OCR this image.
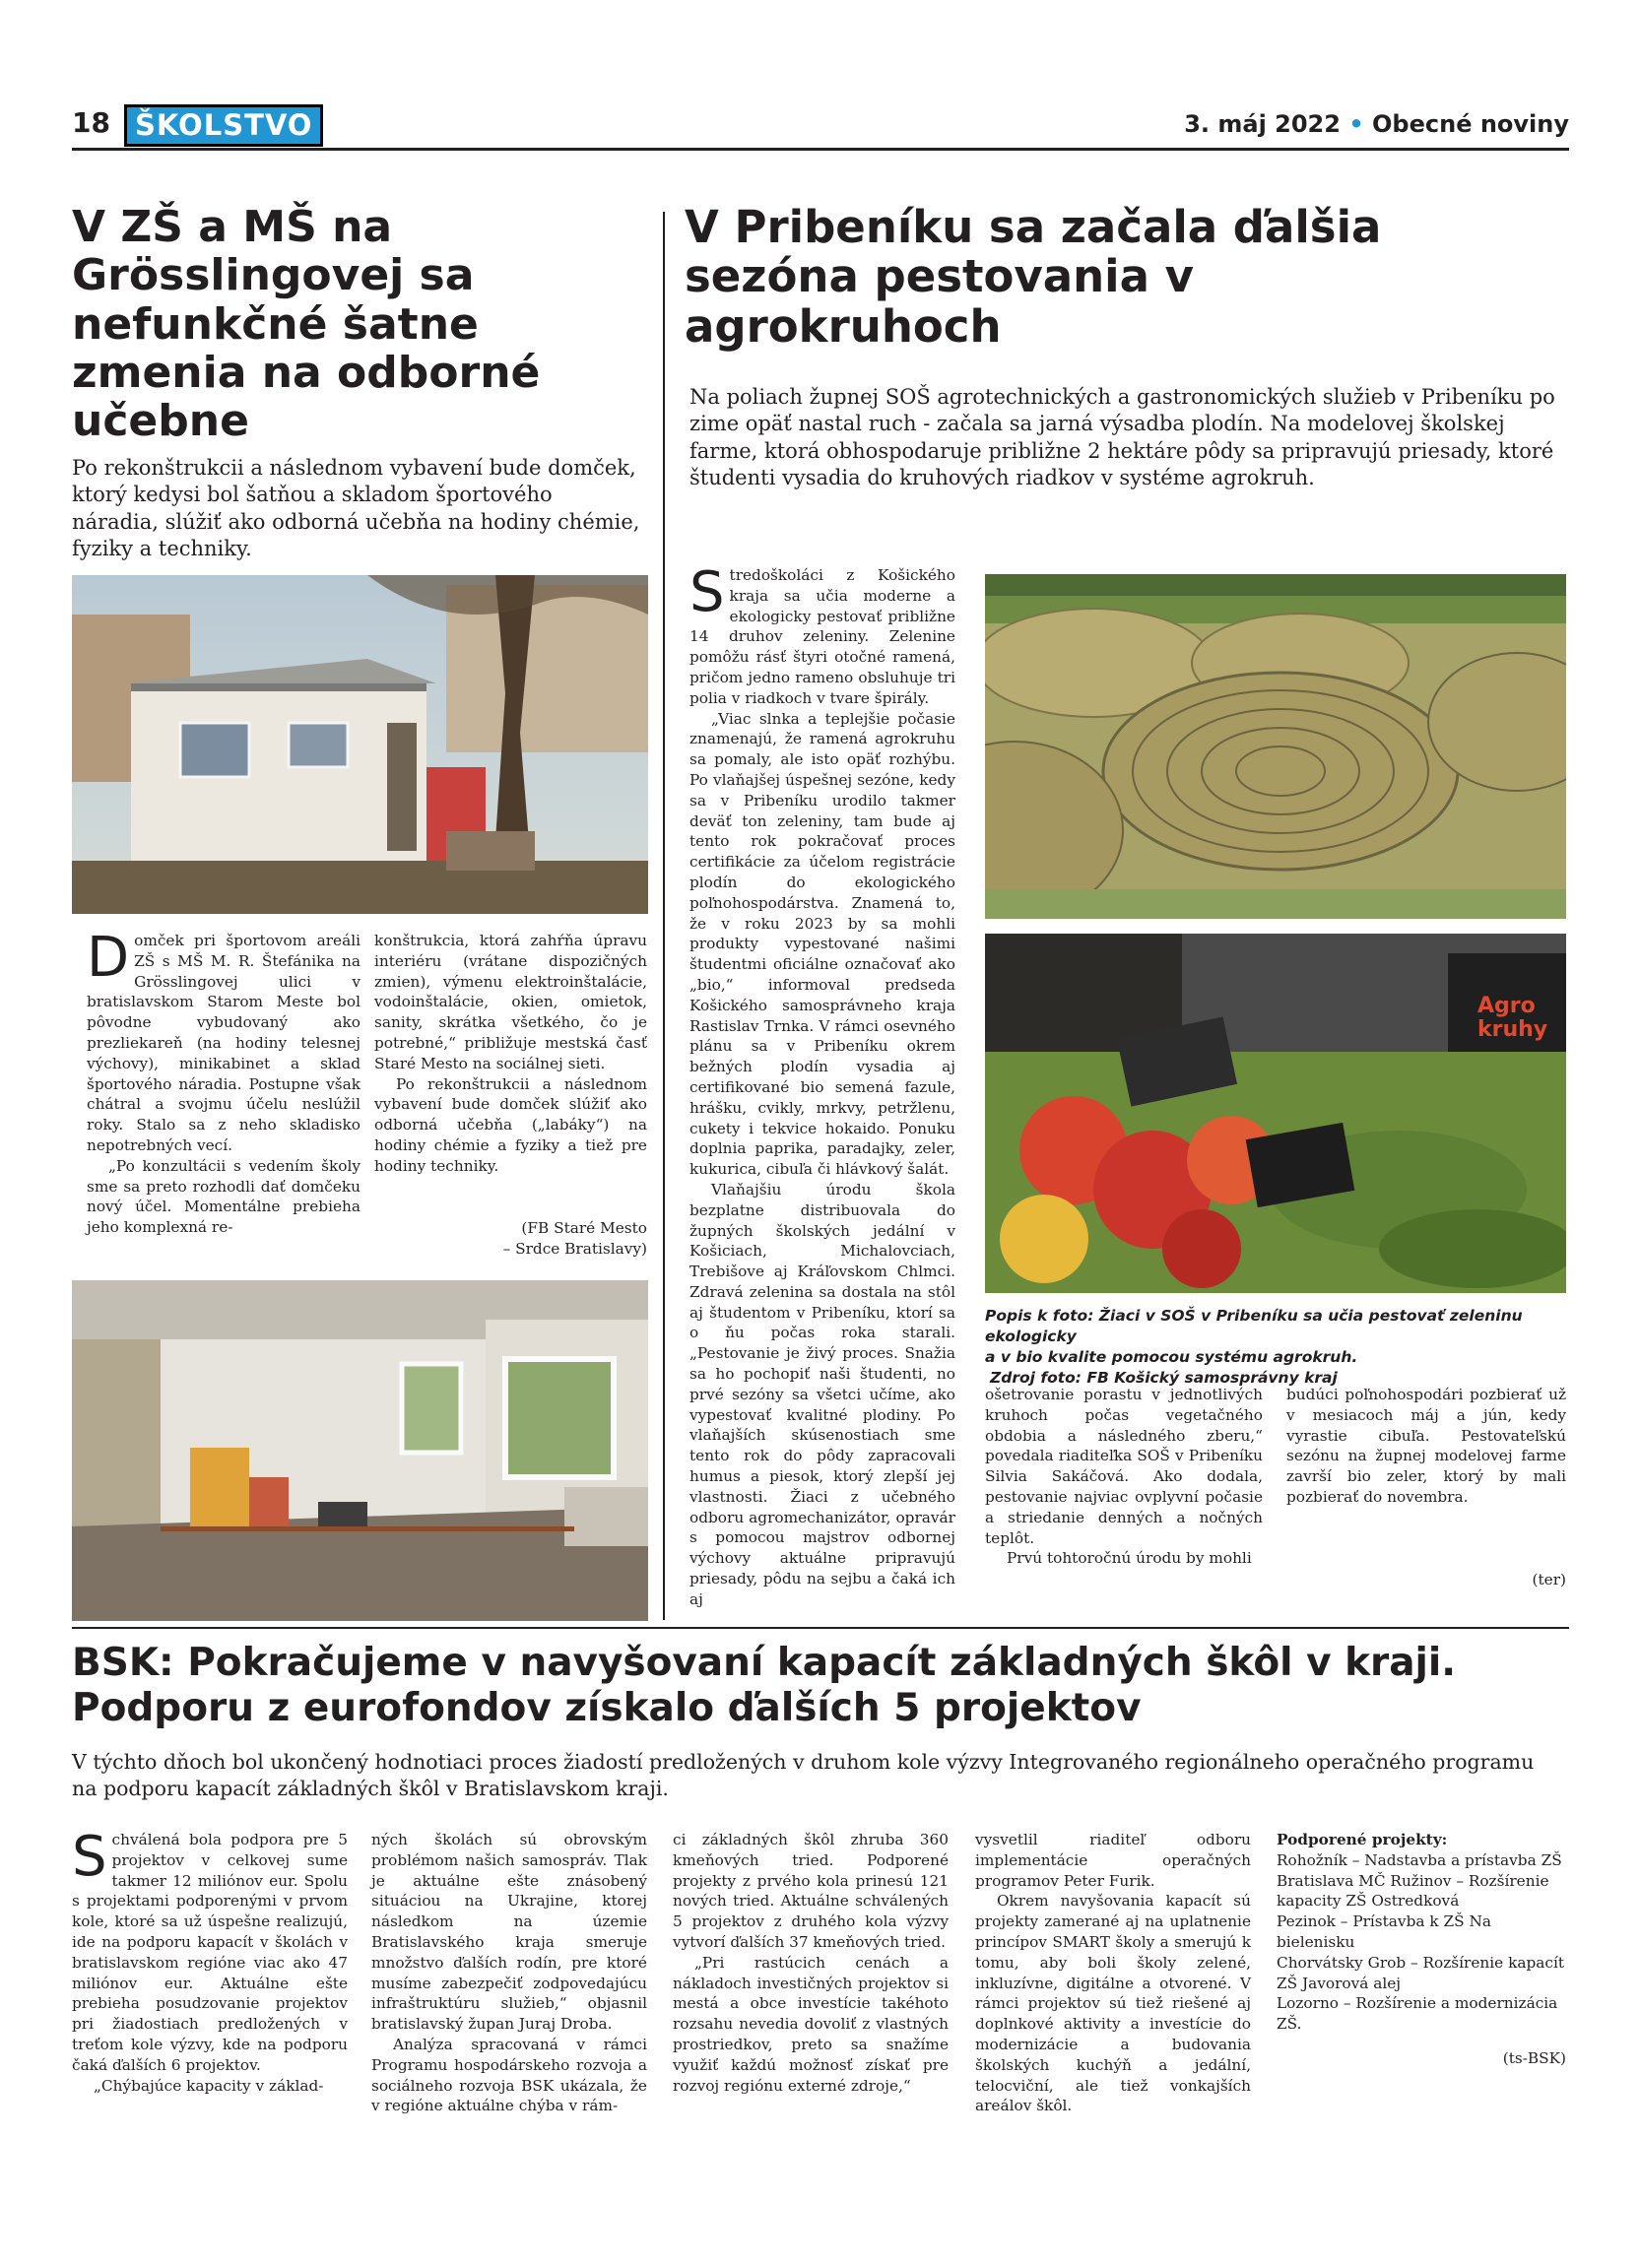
18 ŠKOLSTVO	3. máj 2022 • Obecné noviny
V ZŠ a MŠ na Grösslingovej sa nefunkčné šatne zmenia na odborné učebne

Po rekonštrukcii a následnom vybavení bude domček, ktorý kedysi bol šatňou a skladom športového náradia, slúžiť ako odborná učebňa na hodiny chémie, fyziky a techniky.

Domček pri športovom areáli ZŠ s MŠ M. R. Štefánika na Grösslingovej ulici v bratislavskom Starom Meste bol pôvodne vybudovaný ako prezliekareň (na hodiny telesnej výchovy), minikabinet a sklad športového náradia. Postupne však chátral a svojmu účelu neslúžil roky. Stalo sa z neho skladisko nepotrebných vecí.

„Po konzultácii s vedením školy sme sa preto rozhodli dať domčeku nový účel. Momentálne prebieha jeho komplexná re-

konštrukcia, ktorá zahŕňa úpravu interiéru (vrátane dispozičných zmien), výmenu elektroinštalácie, vodoinštalácie, okien, omietok, sanity, skrátka všetkého, čo je potrebné,“ približuje mestská časť Staré Mesto na sociálnej sieti.

Po rekonštrukcii a následnom vybavení bude domček slúžiť ako odborná učebňa („labáky“) na hodiny chémie a fyziky a tiež pre hodiny techniky.

(FB Staré Mesto
– Srdce Bratislavy)
V Pribeníku sa začala ďalšia sezóna pestovania v agrokruhoch

Na poliach župnej SOŠ agrotechnických a gastronomických služieb v Pribeníku po zime opäť nastal ruch - začala sa jarná výsadba plodín. Na modelovej školskej farme, ktorá obhospodaruje približne 2 hektáre pôdy sa pripravujú priesady, ktoré študenti vysadia do kruhových riadkov v systéme agrokruh.

Stredoškoláci z Košického kraja sa učia moderne a ekologicky pestovať približne 14 druhov zeleniny. Zelenine pomôžu rásť štyri otočné ramená, pričom jedno rameno obsluhuje tri polia v riadkoch v tvare špirály.

„Viac slnka a teplejšie počasie znamenajú, že ramená agrokruhu sa pomaly, ale isto opäť rozhýbu. Po vlaňajšej úspešnej sezóne, kedy sa v Pribeníku urodilo takmer deväť ton zeleniny, tam bude aj tento rok pokračovať proces certifikácie za účelom registrácie plodín do ekologického poľnohospodárstva. Znamená to, že v roku 2023 by sa mohli produkty vypestované našimi študentmi oficiálne označovať ako „bio,“ informoval predseda Košického samosprávneho kraja Rastislav Trnka. V rámci osevného plánu sa v Pribeníku okrem bežných plodín vysadia aj certifikované bio semená fazule, hrášku, cvikly, mrkvy, petržlenu, cukety i tekvice hokaido. Ponuku doplnia paprika, paradajky, zeler, kukurica, cibuľa či hlávkový šalát.

Vlaňajšiu úrodu škola bezplatne distribuovala do župných školských jedální v Košiciach, Michalovciach, Trebišove aj Kráľovskom Chlmci. Zdravá zelenina sa dostala na stôl aj študentom v Pribeníku, ktorí sa o ňu počas roka starali. „Pestovanie je živý proces. Snažia sa ho pochopiť naši študenti, no prvé sezóny sa všetci učíme, ako vypestovať kvalitné plodiny. Po vlaňajších skúsenostiach sme tento rok do pôdy zapracovali humus a piesok, ktorý zlepší jej vlastnosti. Žiaci z učebného odboru agromechanizátor, opravár s pomocou majstrov odbornej výchovy aktuálne pripravujú priesady, pôdu na sejbu a čaká ich aj

Agro
kruhy
Popis k foto: Žiaci v SOŠ v Pribeníku sa učia pestovať zeleninu ekologicky
a v bio kvalite pomocou systému agrokruh.
Zdroj foto: FB Košický samosprávny kraj

ošetrovanie porastu v jednotlivých kruhoch počas vegetačného obdobia a následného zberu,“ povedala riaditeľka SOŠ v Pribeníku Silvia Sakáčová. Ako dodala, pestovanie najviac ovplyvní počasie a striedanie denných a nočných teplôt.

Prvú tohtoročnú úrodu by mohli

budúci poľnohospodári pozbierať už v mesiacoch máj a jún, kedy vyrastie cibuľa. Pestovateľskú sezónu na župnej modelovej farme završí bio zeler, ktorý by mali pozbierať do novembra.

(ter)
BSK: Pokračujeme v navyšovaní kapacít základných škôl v kraji.
Podporu z eurofondov získalo ďalších 5 projektov

V týchto dňoch bol ukončený hodnotiaci proces žiadostí predložených v druhom kole výzvy Integrovaného regionálneho operačného programu na podporu kapacít základných škôl v Bratislavskom kraji.

Schválená bola podpora pre 5 projektov v celkovej sume takmer 12 miliónov eur. Spolu s projektami podporenými v prvom kole, ktoré sa už úspešne realizujú, ide na podporu kapacít v školách v bratislavskom regióne viac ako 47 miliónov eur. Aktuálne ešte prebieha posudzovanie projektov pri žiadostiach predložených v treťom kole výzvy, kde na podporu čaká ďalších 6 projektov.

„Chýbajúce kapacity v základ-

ných školách sú obrovským problémom našich samospráv. Tlak je aktuálne ešte znásobený situáciou na Ukrajine, ktorej následkom na územie Bratislavského kraja smeruje množstvo ďalších rodín, pre ktoré musíme zabezpečiť zodpovedajúcu infraštruktúru služieb,“ objasnil bratislavský župan Juraj Droba.

Analýza spracovaná v rámci Programu hospodárskeho rozvoja a sociálneho rozvoja BSK ukázala, že v regióne aktuálne chýba v rám-

ci základných škôl zhruba 360 kmeňových tried. Podporené projekty z prvého kola prinesú 121 nových tried. Aktuálne schválených 5 projektov z druhého kola výzvy vytvorí ďalších 37 kmeňových tried.

„Pri rastúcich cenách a nákladoch investičných projektov si mestá a obce investície takéhoto rozsahu nevedia dovoliť z vlastných prostriedkov, preto sa snažíme využiť každú možnosť získať pre rozvoj regiónu externé zdroje,“

vysvetlil riaditeľ odboru implementácie operačných programov Peter Furik.

Okrem navyšovania kapacít sú projekty zamerané aj na uplatnenie princípov SMART školy a smerujú k tomu, aby boli školy zelené, inkluzívne, digitálne a otvorené. V rámci projektov sú tiež riešené aj doplnkové aktivity a investície do modernizácie a budovania školských kuchýň a jedální, telocviční, ale tiež vonkajších areálov škôl.

Podporené projekty:
Rohožník – Nadstavba a prístavba ZŠ
Bratislava MČ Ružinov – Rozšírenie kapacity ZŠ Ostredková
Pezinok – Prístavba k ZŠ Na bielenisku
Chorvátsky Grob – Rozšírenie kapacít ZŠ Javorová alej
Lozorno – Rozšírenie a modernizácia ZŠ.
(ts-BSK)
